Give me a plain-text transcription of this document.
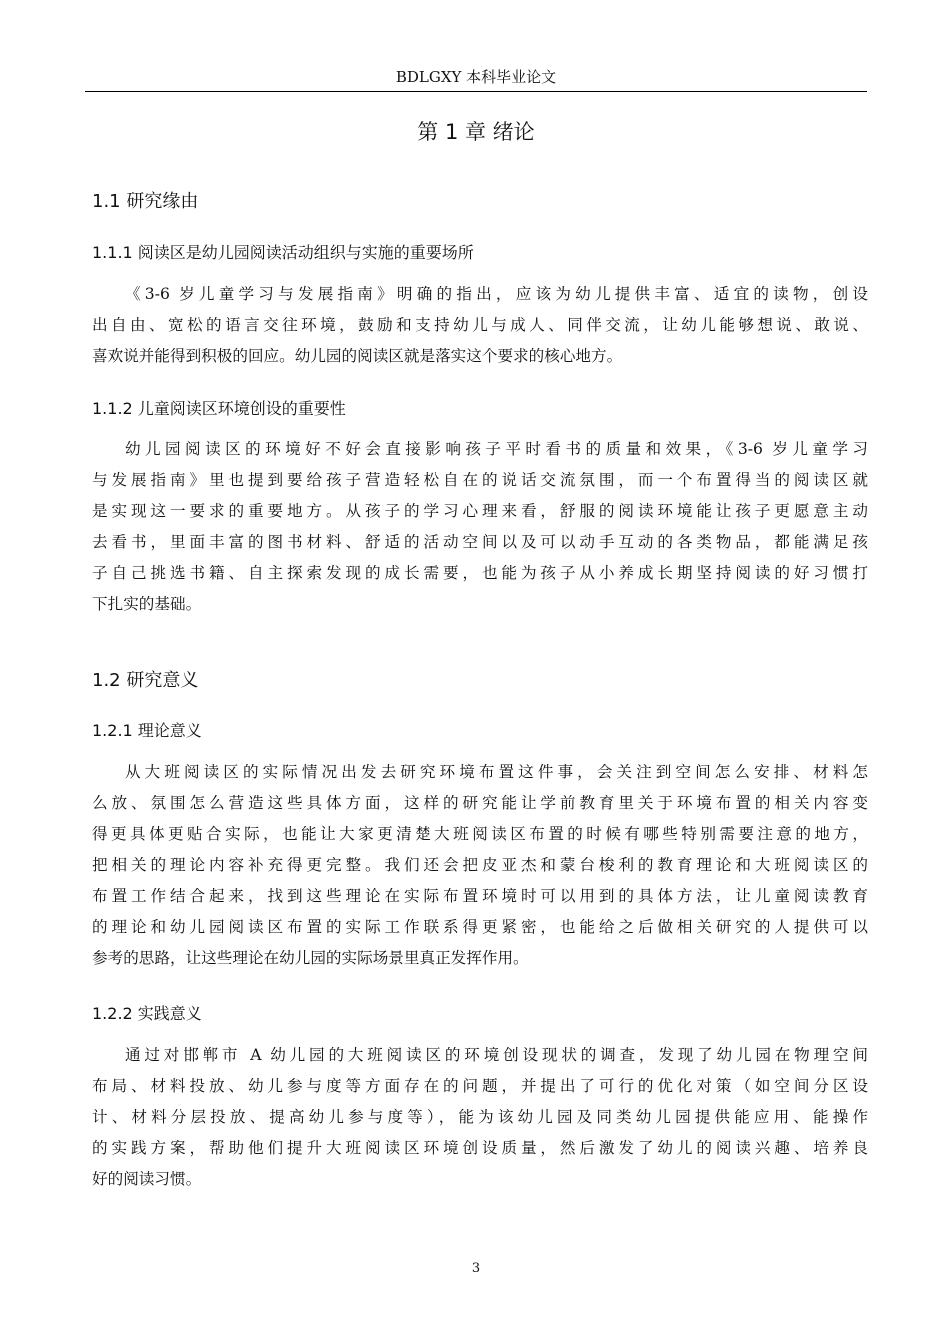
BDLGXY 本科毕业论文
第 1 章 绪论
1.1 研究缘由
1.1.1 阅读区是幼儿园阅读活动组织与实施的重要场所
《3-6 岁儿童学习与发展指南》明确的指出，应该为幼儿提供丰富、适宜的读物，创设
出自由、宽松的语言交往环境，鼓励和支持幼儿与成人、同伴交流，让幼儿能够想说、敢说、
喜欢说并能得到积极的回应。幼儿园的阅读区就是落实这个要求的核心地方。
1.1.2 儿童阅读区环境创设的重要性
幼儿园阅读区的环境好不好会直接影响孩子平时看书的质量和效果，《3-6 岁儿童学习
与发展指南》里也提到要给孩子营造轻松自在的说话交流氛围，而一个布置得当的阅读区就
是实现这一要求的重要地方。从孩子的学习心理来看，舒服的阅读环境能让孩子更愿意主动
去看书，里面丰富的图书材料、舒适的活动空间以及可以动手互动的各类物品，都能满足孩
子自己挑选书籍、自主探索发现的成长需要，也能为孩子从小养成长期坚持阅读的好习惯打
下扎实的基础。
1.2 研究意义
1.2.1 理论意义
从大班阅读区的实际情况出发去研究环境布置这件事，会关注到空间怎么安排、材料怎
么放、氛围怎么营造这些具体方面，这样的研究能让学前教育里关于环境布置的相关内容变
得更具体更贴合实际，也能让大家更清楚大班阅读区布置的时候有哪些特别需要注意的地方，
把相关的理论内容补充得更完整。我们还会把皮亚杰和蒙台梭利的教育理论和大班阅读区的
布置工作结合起来，找到这些理论在实际布置环境时可以用到的具体方法，让儿童阅读教育
的理论和幼儿园阅读区布置的实际工作联系得更紧密，也能给之后做相关研究的人提供可以
参考的思路，让这些理论在幼儿园的实际场景里真正发挥作用。
1.2.2 实践意义
通过对邯郸市 A 幼儿园的大班阅读区的环境创设现状的调查，发现了幼儿园在物理空间
布局、材料投放、幼儿参与度等方面存在的问题，并提出了可行的优化对策（如空间分区设
计、材料分层投放、提高幼儿参与度等），能为该幼儿园及同类幼儿园提供能应用、能操作
的实践方案，帮助他们提升大班阅读区环境创设质量，然后激发了幼儿的阅读兴趣、培养良
好的阅读习惯。
3
